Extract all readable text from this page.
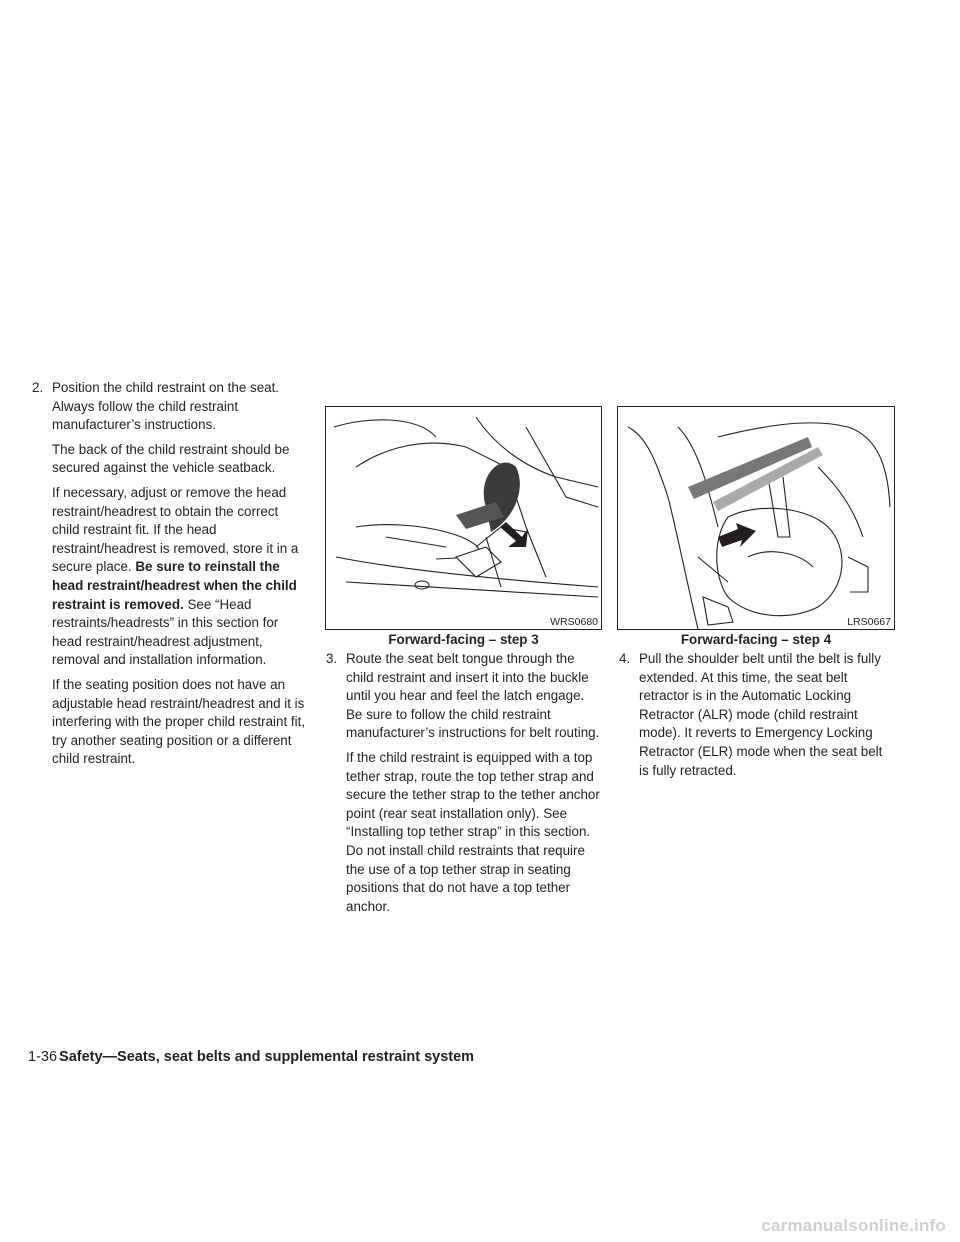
2. Position the child restraint on the seat. Always follow the child restraint manufacturer’s instructions.

The back of the child restraint should be secured against the vehicle seatback.

If necessary, adjust or remove the head restraint/headrest to obtain the correct child restraint fit. If the head restraint/headrest is removed, store it in a secure place. Be sure to reinstall the head restraint/headrest when the child restraint is removed. See “Head restraints/headrests” in this section for head restraint/headrest adjustment, removal and installation information.

If the seating position does not have an adjustable head restraint/headrest and it is interfering with the proper child restraint fit, try another seating position or a different child restraint.

WRS0680
Forward-facing – step 3
LRS0667
Forward-facing – step 4
3. Route the seat belt tongue through the child restraint and insert it into the buckle until you hear and feel the latch engage. Be sure to follow the child restraint manufacturer’s instructions for belt routing.

If the child restraint is equipped with a top tether strap, route the top tether strap and secure the tether strap to the tether anchor point (rear seat installation only). See “Installing top tether strap” in this section. Do not install child restraints that require the use of a top tether strap in seating positions that do not have a top tether anchor.

4. Pull the shoulder belt until the belt is fully extended. At this time, the seat belt retractor is in the Automatic Locking Retractor (ALR) mode (child restraint mode). It reverts to Emergency Locking Retractor (ELR) mode when the seat belt is fully retracted.

1-36 Safety—Seats, seat belts and supplemental restraint system
carmanualsonline.info
